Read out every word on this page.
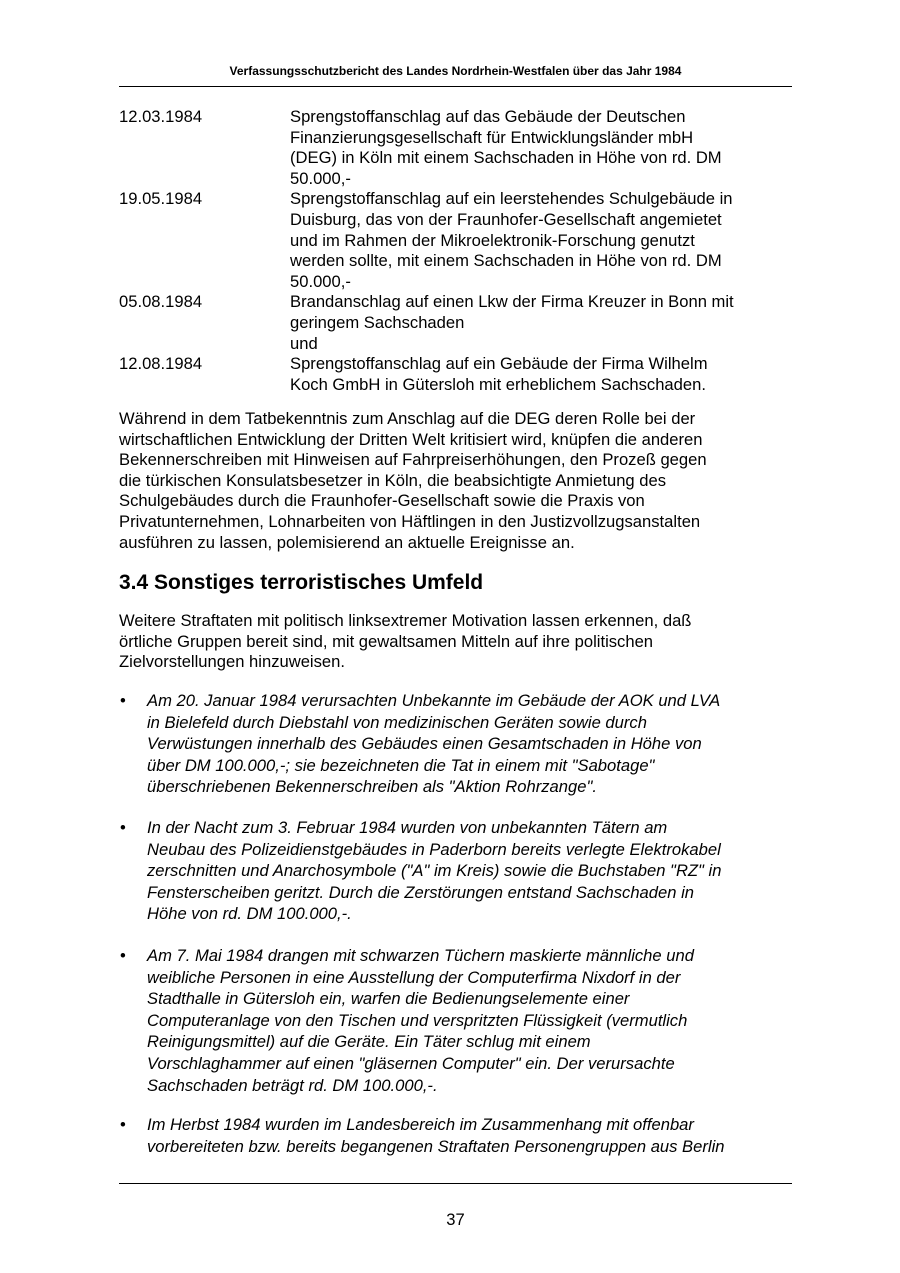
Verfassungsschutzbericht des Landes Nordrhein-Westfalen über das Jahr 1984
12.03.1984	Sprengstoffanschlag auf das Gebäude der Deutschen
Finanzierungsgesellschaft für Entwicklungsländer mbH
(DEG) in Köln mit einem Sachschaden in Höhe von rd. DM
50.000,-
19.05.1984	Sprengstoffanschlag auf ein leerstehendes Schulgebäude in
Duisburg, das von der Fraunhofer-Gesellschaft angemietet
und im Rahmen der Mikroelektronik-Forschung genutzt
werden sollte, mit einem Sachschaden in Höhe von rd. DM
50.000,-
05.08.1984	Brandanschlag auf einen Lkw der Firma Kreuzer in Bonn mit
geringem Sachschaden
und
12.08.1984	Sprengstoffanschlag auf ein Gebäude der Firma Wilhelm
Koch GmbH in Gütersloh mit erheblichem Sachschaden.

Während in dem Tatbekenntnis zum Anschlag auf die DEG deren Rolle bei der
wirtschaftlichen Entwicklung der Dritten Welt kritisiert wird, knüpfen die anderen
Bekennerschreiben mit Hinweisen auf Fahrpreiserhöhungen, den Prozeß gegen
die türkischen Konsulatsbesetzer in Köln, die beabsichtigte Anmietung des
Schulgebäudes durch die Fraunhofer-Gesellschaft sowie die Praxis von
Privatunternehmen, Lohnarbeiten von Häftlingen in den Justizvollzugsanstalten
ausführen zu lassen, polemisierend an aktuelle Ereignisse an.

3.4 Sonstiges terroristisches Umfeld

Weitere Straftaten mit politisch linksextremer Motivation lassen erkennen, daß
örtliche Gruppen bereit sind, mit gewaltsamen Mitteln auf ihre politischen
Zielvorstellungen hinzuweisen.

•	Am 20. Januar 1984 verursachten Unbekannte im Gebäude der AOK und LVA
in Bielefeld durch Diebstahl von medizinischen Geräten sowie durch
Verwüstungen innerhalb des Gebäudes einen Gesamtschaden in Höhe von
über DM 100.000,-; sie bezeichneten die Tat in einem mit "Sabotage"
überschriebenen Bekennerschreiben als "Aktion Rohrzange".
•	In der Nacht zum 3. Februar 1984 wurden von unbekannten Tätern am
Neubau des Polizeidienstgebäudes in Paderborn bereits verlegte Elektrokabel
zerschnitten und Anarchosymbole ("A" im Kreis) sowie die Buchstaben "RZ" in
Fensterscheiben geritzt. Durch die Zerstörungen entstand Sachschaden in
Höhe von rd. DM 100.000,-.
•	Am 7. Mai 1984 drangen mit schwarzen Tüchern maskierte männliche und
weibliche Personen in eine Ausstellung der Computerfirma Nixdorf in der
Stadthalle in Gütersloh ein, warfen die Bedienungselemente einer
Computeranlage von den Tischen und verspritzten Flüssigkeit (vermutlich
Reinigungsmittel) auf die Geräte. Ein Täter schlug mit einem
Vorschlaghammer auf einen "gläsernen Computer" ein. Der verursachte
Sachschaden beträgt rd. DM 100.000,-.
•	Im Herbst 1984 wurden im Landesbereich im Zusammenhang mit offenbar
vorbereiteten bzw. bereits begangenen Straftaten Personengruppen aus Berlin
37
